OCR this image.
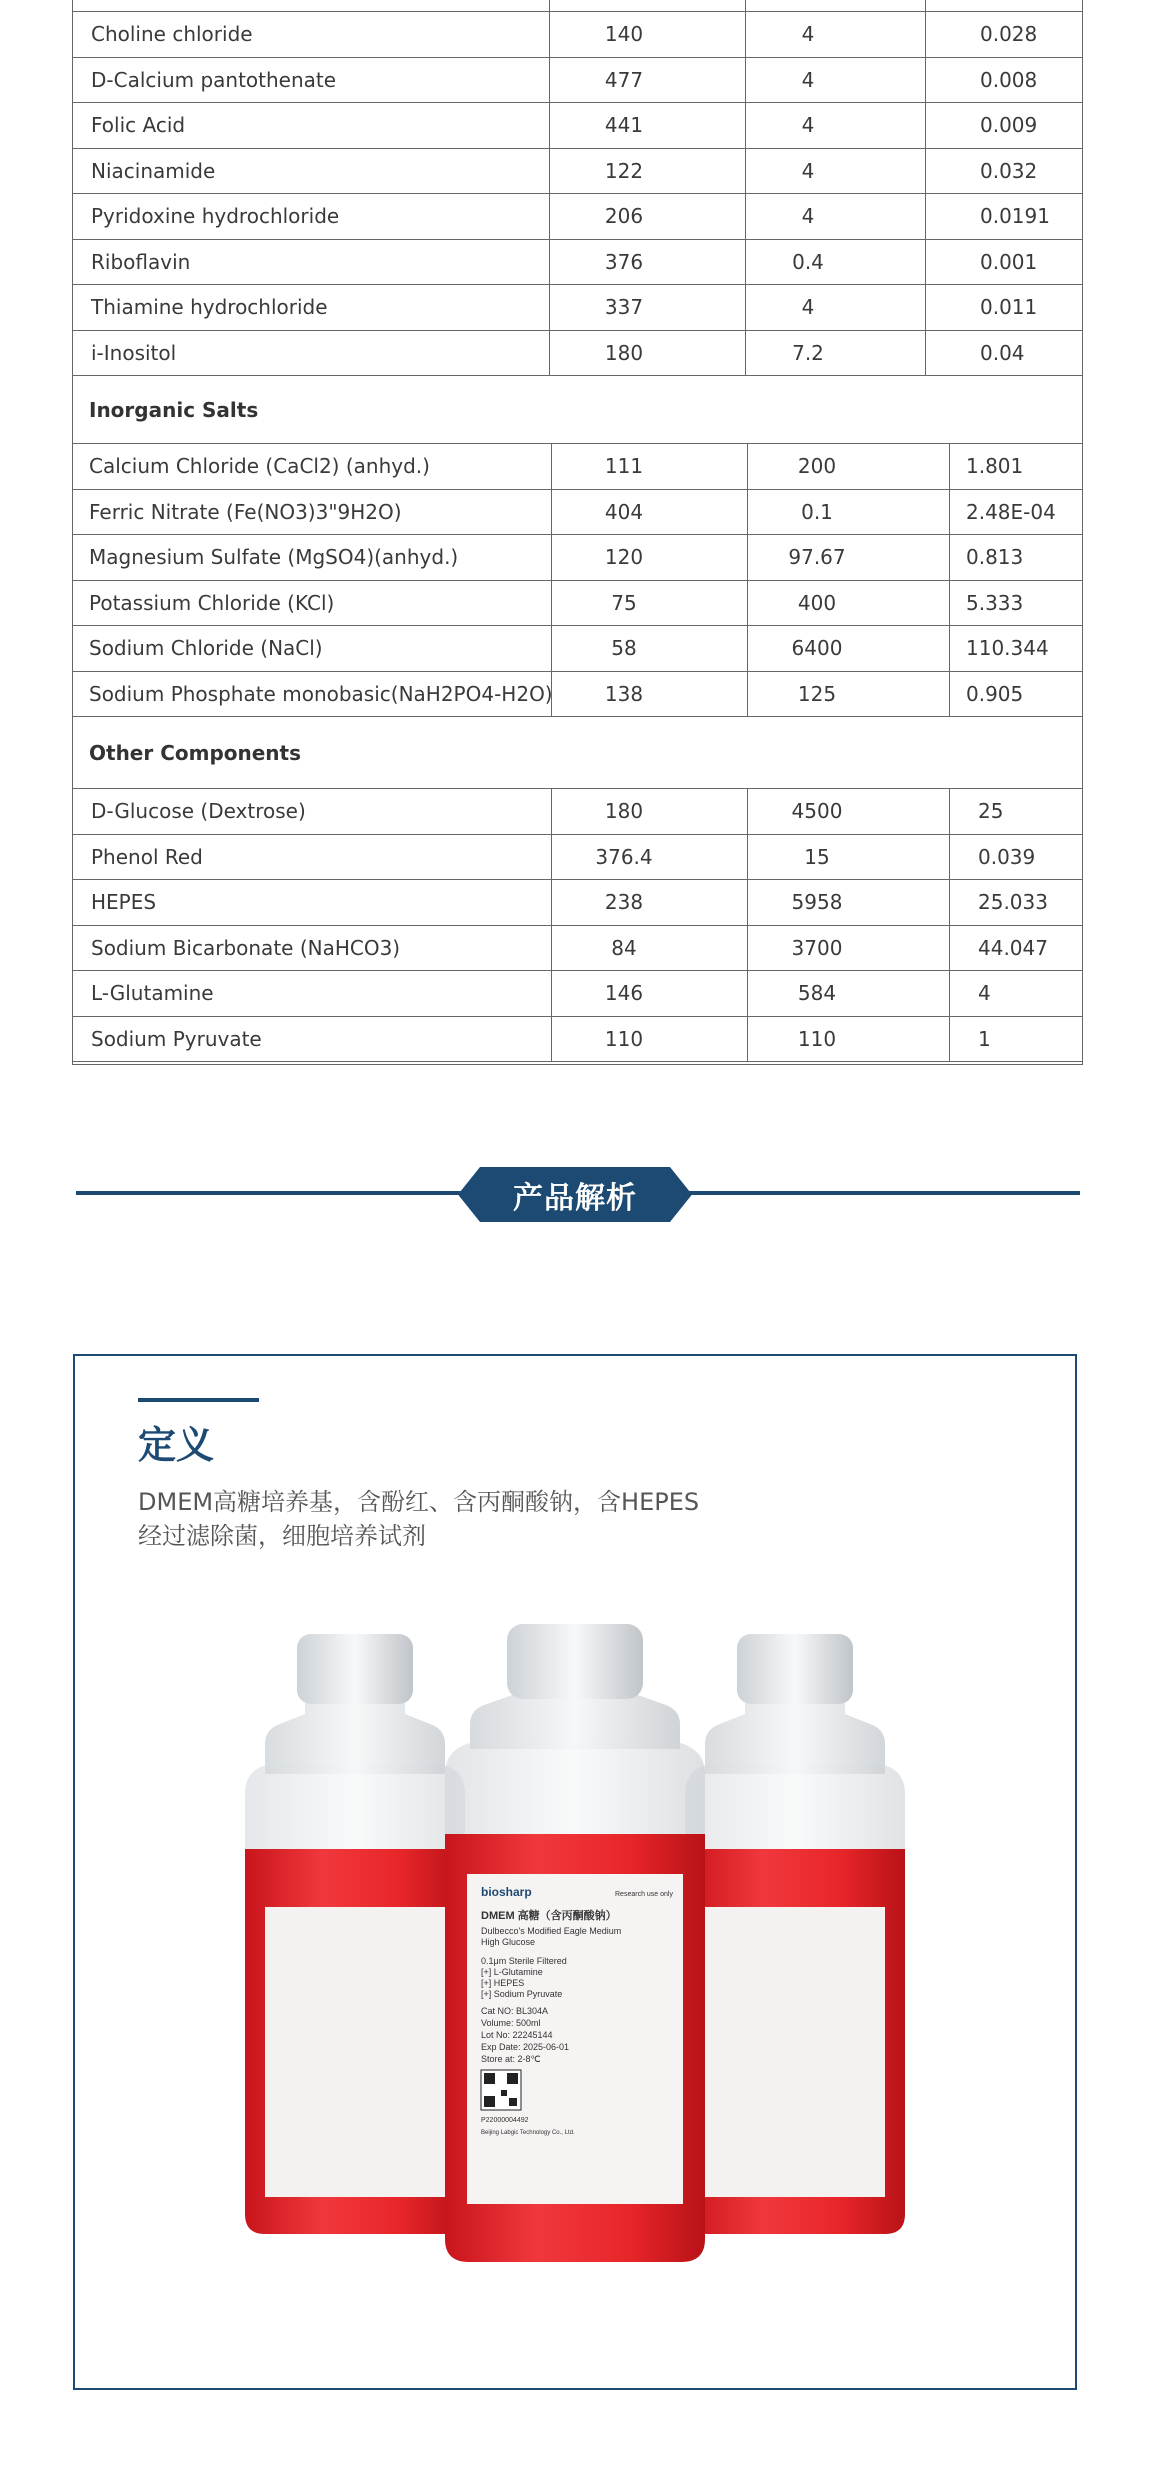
Choline chloride	140	4	0.028
D-Calcium pantothenate	477	4	0.008
Folic Acid	441	4	0.009
Niacinamide	122	4	0.032
Pyridoxine hydrochloride	206	4	0.0191
Riboflavin	376	0.4	0.001
Thiamine hydrochloride	337	4	0.011
i-Inositol	180	7.2	0.04
Inorganic Salts
Calcium Chloride (CaCl2) (anhyd.)	111	200	1.801
Ferric Nitrate (Fe(NO3)3"9H2O)	404	0.1	2.48E-04
Magnesium Sulfate (MgSO4)(anhyd.)	120	97.67	0.813
Potassium Chloride (KCl)	75	400	5.333
Sodium Chloride (NaCl)	58	6400	110.344
Sodium Phosphate monobasic(NaH2PO4-H2O)	138	125	0.905
Other Components
D-Glucose (Dextrose)	180	4500	25
Phenol Red	376.4	15	0.039
HEPES	238	5958	25.033
Sodium Bicarbonate (NaHCO3)	84	3700	44.047
L-Glutamine	146	584	4
Sodium Pyruvate	110	110	1
产品解析
定义
DMEM高糖培养基，含酚红、含丙酮酸钠，含HEPES
经过滤除菌，细胞培养试剂
biosharp	Research use only
DMEM 高糖（含丙酮酸钠）
Dulbecco's Modified Eagle Medium
High Glucose
0.1μm Sterile Filtered
[+] L-Glutamine
[+] HEPES
[+] Sodium Pyruvate
Cat NO: BL304A
Volume: 500ml
Lot No: 22245144
Exp Date: 2025-06-01
Store at: 2-8℃
P22000004492
Beijing Labgic Technology Co., Ltd.
